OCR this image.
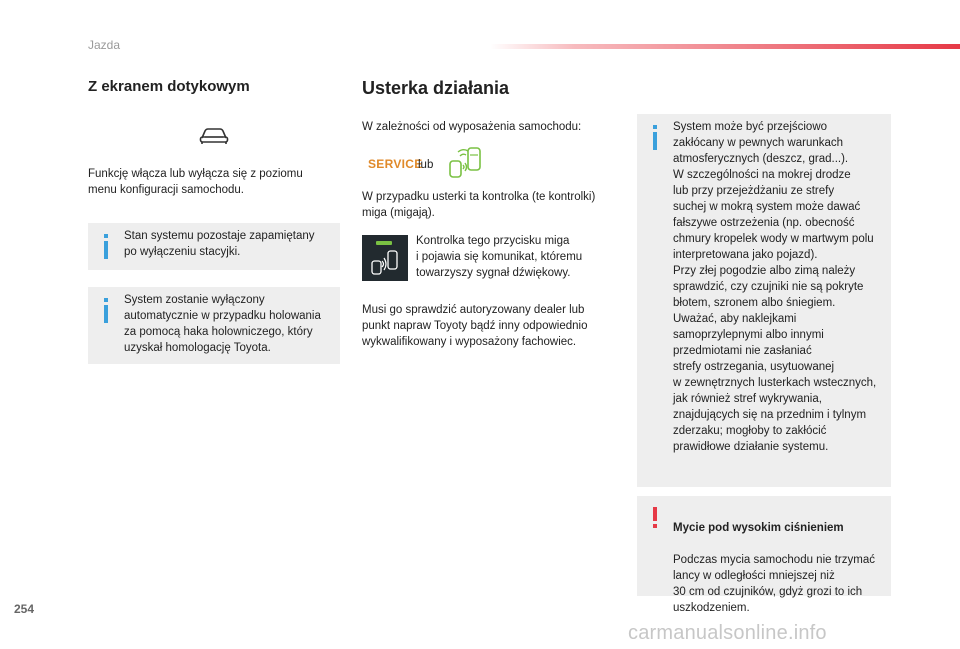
Jazda
Z ekranem dotykowym
Funkcję włącza lub wyłącza się z poziomu
menu konfiguracji samochodu.
Stan systemu pozostaje zapamiętany
po wyłączeniu stacyjki.
System zostanie wyłączony
automatycznie w przypadku holowania
za pomocą haka holowniczego, który
uzyskał homologację Toyota.
Usterka działania
W zależności od wyposażenia samochodu:
SERVICE
lub
W przypadku usterki ta kontrolka (te kontrolki)
miga (migają).
Kontrolka tego przycisku miga
i pojawia się komunikat, któremu
towarzyszy sygnał dźwiękowy.
Musi go sprawdzić autoryzowany dealer lub
punkt napraw Toyoty bądź inny odpowiednio
wykwalifikowany i wyposażony fachowiec.
System może być przejściowo
zakłócany w pewnych warunkach
atmosferycznych (deszcz, grad...).
W szczególności na mokrej drodze
lub przy przejeżdżaniu ze strefy
suchej w mokrą system może dawać
fałszywe ostrzeżenia (np. obecność
chmury kropelek wody w martwym polu
interpretowana jako pojazd).
Przy złej pogodzie albo zimą należy
sprawdzić, czy czujniki nie są pokryte
błotem, szronem albo śniegiem.
Uważać, aby naklejkami
samoprzylepnymi albo innymi
przedmiotami nie zasłaniać
strefy ostrzegania, usytuowanej
w zewnętrznych lusterkach wstecznych,
jak również stref wykrywania,
znajdujących się na przednim i tylnym
zderzaku; mogłoby to zakłócić
prawidłowe działanie systemu.

Mycie pod wysokim ciśnieniem

Podczas mycia samochodu nie trzymać
lancy w odległości mniejszej niż
30 cm od czujników, gdyż grozi to ich
uszkodzeniem.

254
carmanualsonline.info
